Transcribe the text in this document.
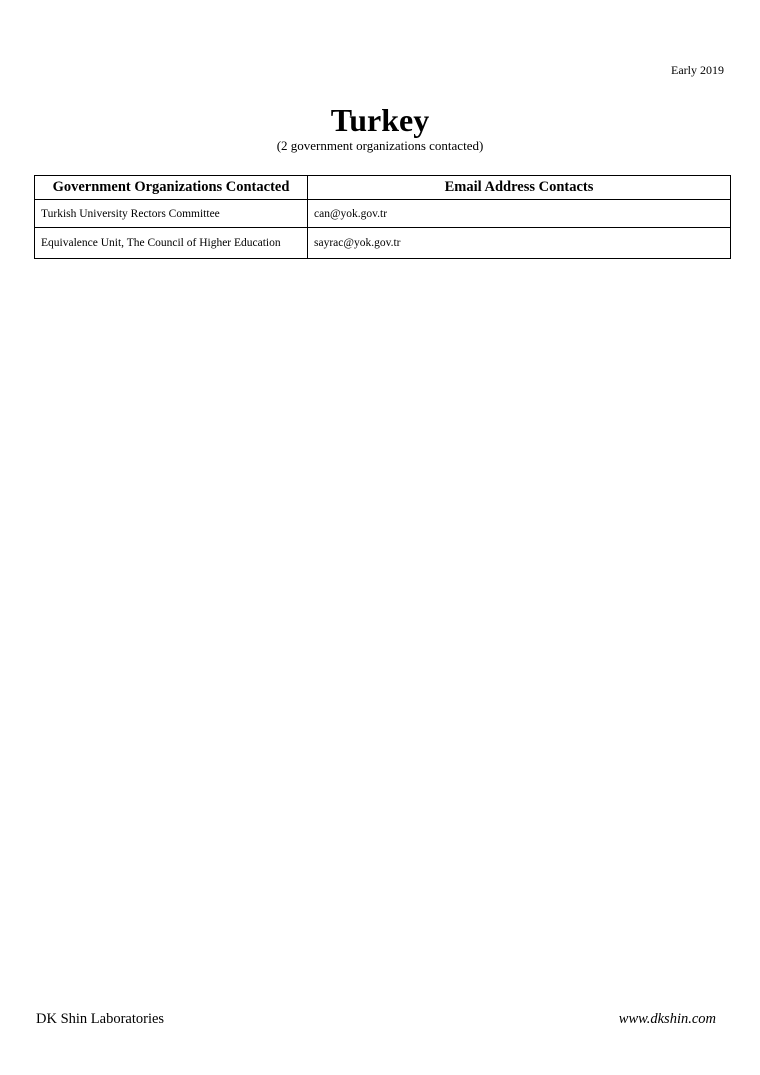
Early 2019
Turkey
(2 government organizations contacted)
Government Organizations Contacted	Email Address Contacts
Turkish University Rectors Committee	can@yok.gov.tr
Equivalence Unit, The Council of Higher Education	sayrac@yok.gov.tr
DK Shin Laboratories	www.dkshin.com
